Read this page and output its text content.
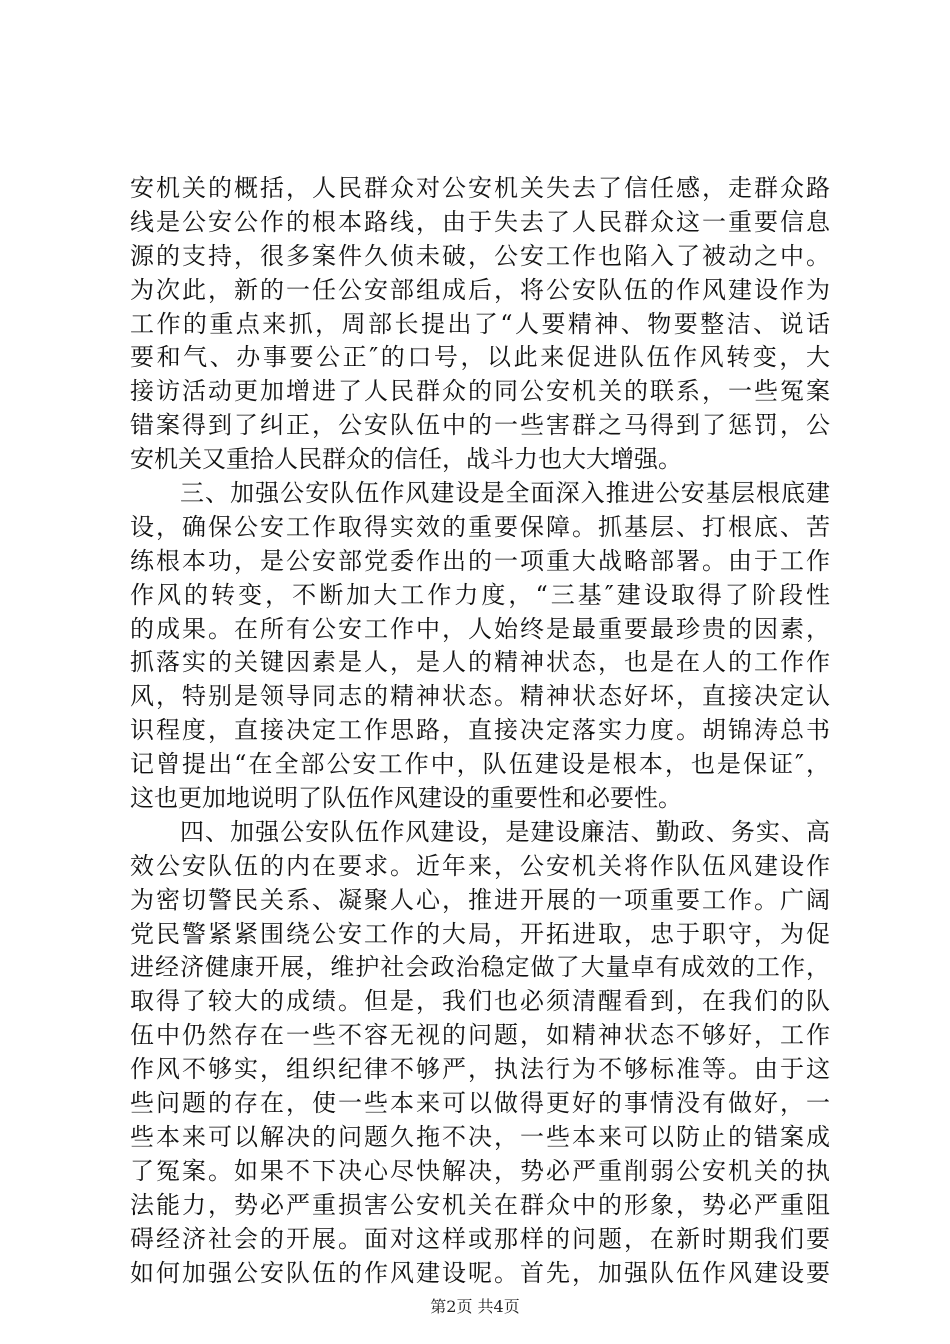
安机关的概括，人民群众对公安机关失去了信任感，走群众路
线是公安公作的根本路线，由于失去了人民群众这一重要信息
源的支持，很多案件久侦未破，公安工作也陷入了被动之中。
为次此，新的一任公安部组成后，将公安队伍的作风建设作为
工作的重点来抓，周部长提出了“人要精神、物要整洁、说话
要和气、办事要公正″的口号，以此来促进队伍作风转变，大
接访活动更加增进了人民群众的同公安机关的联系，一些冤案
错案得到了纠正，公安队伍中的一些害群之马得到了惩罚，公
安机关又重拾人民群众的信任，战斗力也大大增强。
三、加强公安队伍作风建设是全面深入推进公安基层根底建
设，确保公安工作取得实效的重要保障。抓基层、打根底、苦
练根本功，是公安部党委作出的一项重大战略部署。由于工作
作风的转变，不断加大工作力度，“三基″建设取得了阶段性
的成果。在所有公安工作中，人始终是最重要最珍贵的因素，
抓落实的关键因素是人，是人的精神状态，也是在人的工作作
风，特别是领导同志的精神状态。精神状态好坏，直接决定认
识程度，直接决定工作思路，直接决定落实力度。胡锦涛总书
记曾提出“在全部公安工作中，队伍建设是根本，也是保证″，
这也更加地说明了队伍作风建设的重要性和必要性。
四、加强公安队伍作风建设，是建设廉洁、勤政、务实、高
效公安队伍的内在要求。近年来，公安机关将作队伍风建设作
为密切警民关系、凝聚人心，推进开展的一项重要工作。广阔
党民警紧紧围绕公安工作的大局，开拓进取，忠于职守，为促
进经济健康开展，维护社会政治稳定做了大量卓有成效的工作，
取得了较大的成绩。但是，我们也必须清醒看到，在我们的队
伍中仍然存在一些不容无视的问题，如精神状态不够好，工作
作风不够实，组织纪律不够严，执法行为不够标准等。由于这
些问题的存在，使一些本来可以做得更好的事情没有做好，一
些本来可以解决的问题久拖不决，一些本来可以防止的错案成
了冤案。如果不下决心尽快解决，势必严重削弱公安机关的执
法能力，势必严重损害公安机关在群众中的形象，势必严重阻
碍经济社会的开展。面对这样或那样的问题，在新时期我们要
如何加强公安队伍的作风建设呢。首先，加强队伍作风建设要
第2页 共4页
